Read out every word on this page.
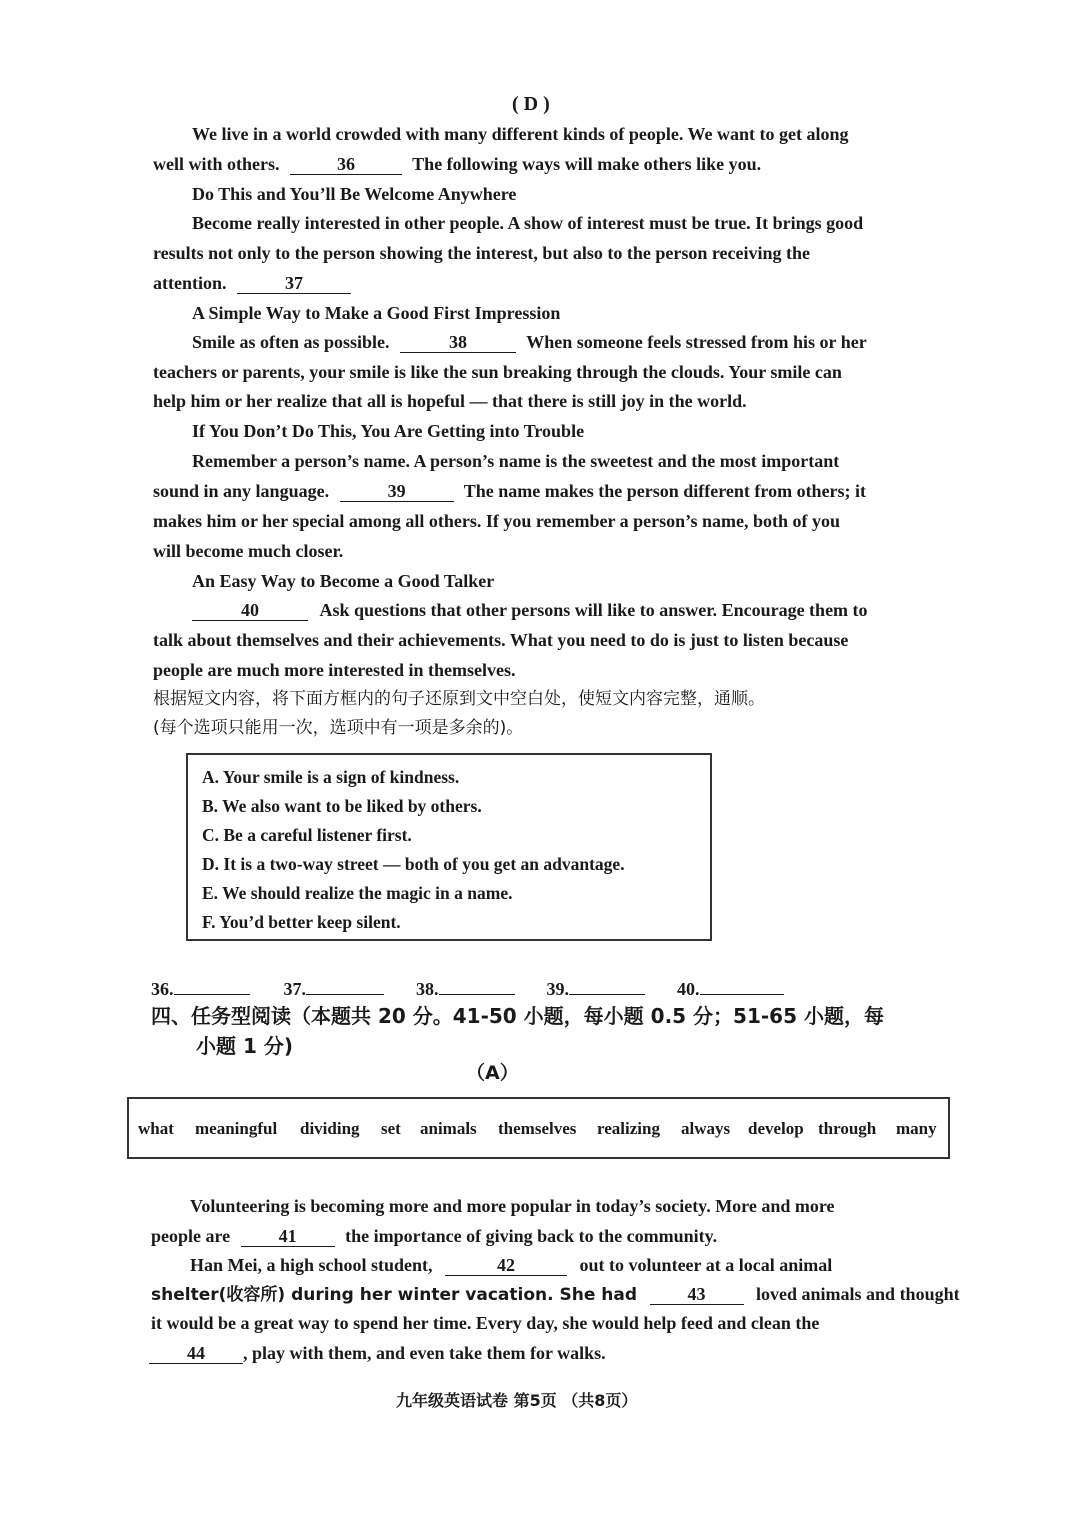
( D )
We live in a world crowded with many different kinds of people. We want to get along
well with others.	36	The following ways will make others like you.
Do This and You’ll Be Welcome Anywhere
Become really interested in other people. A show of interest must be true. It brings good
results not only to the person showing the interest, but also to the person receiving the
attention.	37
A Simple Way to Make a Good First Impression
Smile as often as possible.	38	When someone feels stressed from his or her
teachers or parents, your smile is like the sun breaking through the clouds. Your smile can
help him or her realize that all is hopeful — that there is still joy in the world.
If You Don’t Do This, You Are Getting into Trouble
Remember a person’s name. A person’s name is the sweetest and the most important
sound in any language.	39	The name makes the person different from others; it
makes him or her special among all others. If you remember a person’s name, both of you
will become much closer.
An Easy Way to Become a Good Talker
40	Ask questions that other persons will like to answer. Encourage them to
talk about themselves and their achievements. What you need to do is just to listen because
people are much more interested in themselves.
根据短文内容，将下面方框内的句子还原到文中空白处，使短文内容完整，通顺。
(每个选项只能用一次，选项中有一项是多余的)。
A. Your smile is a sign of kindness.
B. We also want to be liked by others.
C. Be a careful listener first.
D. It is a two-way street — both of you get an advantage.
E. We should realize the magic in a name.
F. You’d better keep silent.
36.	37.	38.	39.	40.
四、任务型阅读（本题共 20 分。41-50 小题，每小题 0.5 分；51-65 小题，每
小题 1 分)
（A）
what meaningful dividing set animals themselves realizing always develop through many
Volunteering is becoming more and more popular in today’s society. More and more
people are	41	the importance of giving back to the community.
Han Mei, a high school student,	42	out to volunteer at a local animal
shelter(收容所) during her winter vacation. She had	43	loved animals and thought
it would be a great way to spend her time. Every day, she would help feed and clean the
44 , play with them, and even take them for walks.
九年级英语试卷 第5页 （共8页）
